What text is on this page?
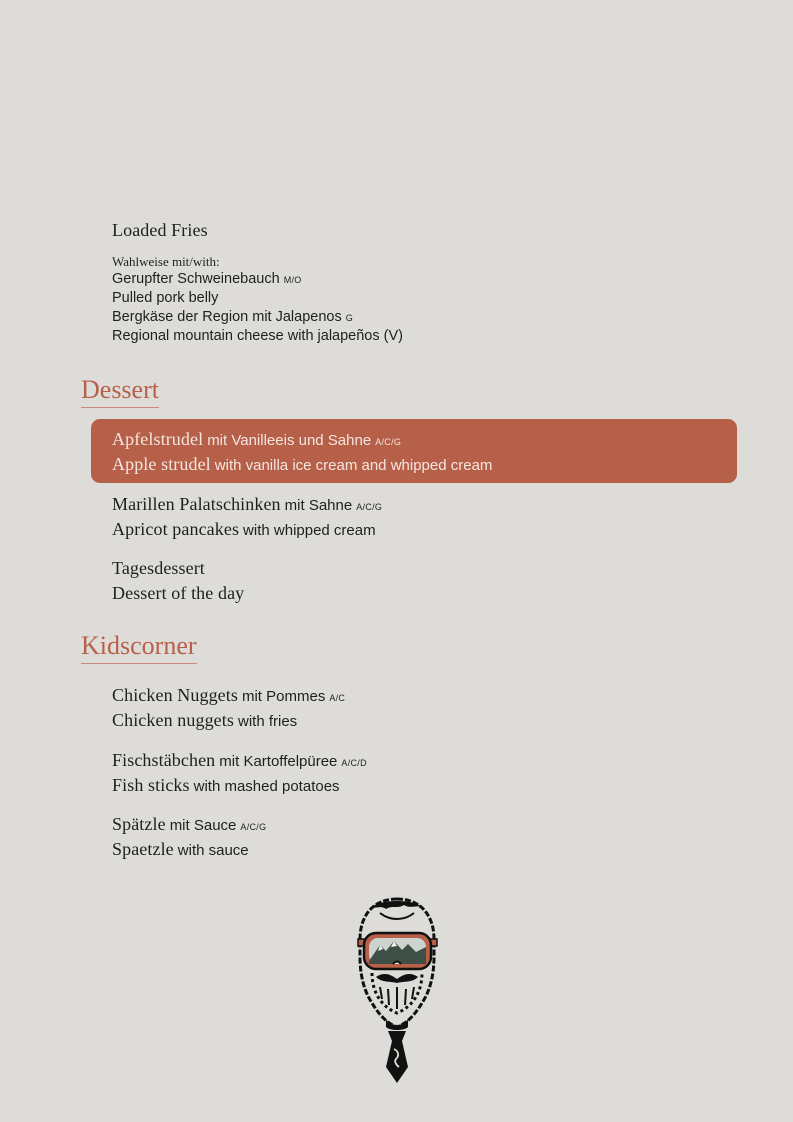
Loaded Fries
Wahlweise mit/with:
Gerupfter Schweinebauch M/O
Pulled pork belly
Bergkäse der Region mit Jalapenos G
Regional mountain cheese with jalapeños (V)
Dessert
Apfelstrudel mit Vanilleeis und Sahne A/C/G
Apple strudel with vanilla ice cream and whipped cream
Marillen Palatschinken mit Sahne A/C/G
Apricot pancakes with whipped cream
Tagesdessert
Dessert of the day
Kidscorner
Chicken Nuggets mit Pommes A/C
Chicken nuggets with fries
Fischstäbchen mit Kartoffelpüree A/C/D
Fish sticks with mashed potatoes
Spätzle mit Sauce A/C/G
Spaetzle with sauce
